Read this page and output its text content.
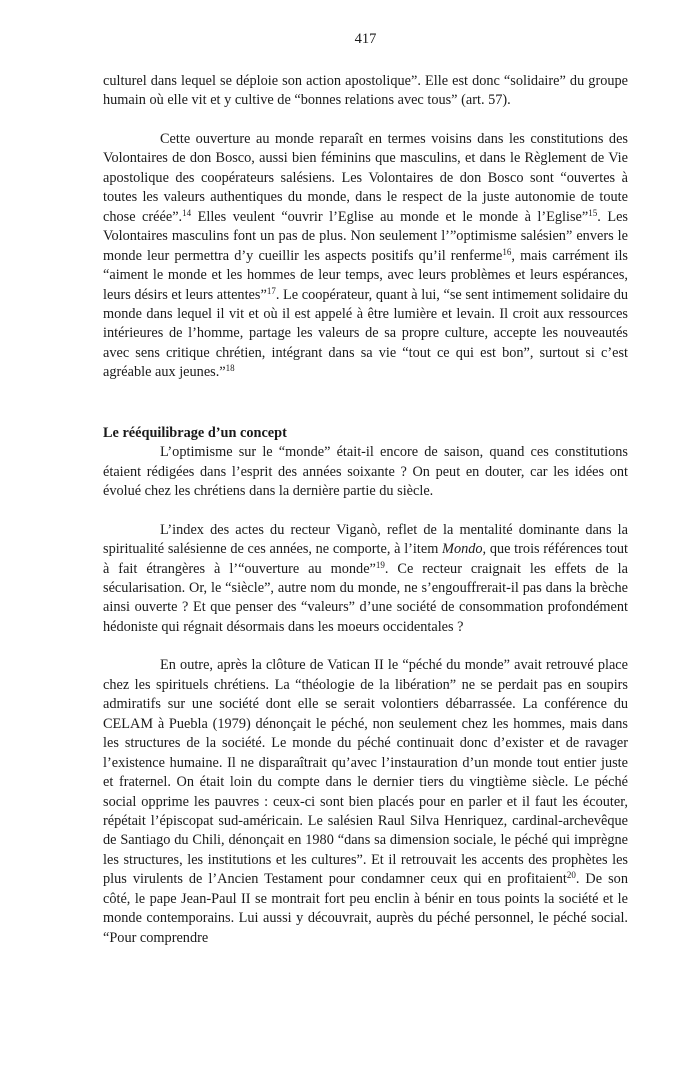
417

culturel dans lequel se déploie son action apostolique”. Elle est donc “solidaire” du groupe humain où elle vit et y cultive de “bonnes relations avec tous” (art. 57).

Cette ouverture au monde reparaît en termes voisins dans les constitutions des Volontaires de don Bosco, aussi bien féminins que masculins, et dans le Règlement de Vie apostolique des coopérateurs salésiens. Les Volontaires de don Bosco sont “ouvertes à toutes les valeurs authentiques du monde, dans le respect de la juste autonomie de toute chose créée”.$^{14}$ Elles veulent “ouvrir l’Eglise au monde et le monde à l’Eglise”$^{15}$. Les Volontaires masculins font un pas de plus. Non seulement l’”optimisme salésien” envers le monde leur permettra d’y cueillir les aspects positifs qu’il renferme$^{16}$, mais carrément ils “aiment le monde et les hommes de leur temps, avec leurs problèmes et leurs espérances, leurs désirs et leurs attentes”$^{17}$. Le coopérateur, quant à lui, “se sent intimement solidaire du monde dans lequel il vit et où il est appelé à être lumière et levain. Il croit aux ressources intérieures de l’homme, partage les valeurs de sa propre culture, accepte les nouveautés avec sens critique chrétien, intégrant dans sa vie “tout ce qui est bon”, surtout si c’est agréable aux jeunes.”$^{18}$

Le rééquilibrage d’un concept

L’optimisme sur le “monde” était-il encore de saison, quand ces constitutions étaient rédigées dans l’esprit des années soixante ? On peut en douter, car les idées ont évolué chez les chrétiens dans la dernière partie du siècle.

L’index des actes du recteur Viganò, reflet de la mentalité dominante dans la spiritualité salésienne de ces années, ne comporte, à l’item Mondo, que trois références tout à fait étrangères à l’“ouverture au monde”$^{19}$. Ce recteur craignait les effets de la sécularisation. Or, le “siècle”, autre nom du monde, ne s’engouffrerait-il pas dans la brèche ainsi ouverte ? Et que penser des “valeurs” d’une société de consommation profondément hédoniste qui régnait désormais dans les moeurs occidentales ?

En outre, après la clôture de Vatican II le “péché du monde” avait retrouvé place chez les spirituels chrétiens. La “théologie de la libération” ne se perdait pas en soupirs admiratifs sur une société dont elle se serait volontiers débarrassée. La conférence du CELAM à Puebla (1979) dénonçait le péché, non seulement chez les hommes, mais dans les structures de la société. Le monde du péché continuait donc d’exister et de ravager l’existence humaine. Il ne disparaîtrait qu’avec l’instauration d’un monde tout entier juste et fraternel. On était loin du compte dans le dernier tiers du vingtième siècle. Le péché social opprime les pauvres : ceux-ci sont bien placés pour en parler et il faut les écouter, répétait l’épiscopat sud-américain. Le salésien Raul Silva Henriquez, cardinal-archevêque de Santiago du Chili, dénonçait en 1980 “dans sa dimension sociale, le péché qui imprègne les structures, les institutions et les cultures”. Et il retrouvait les accents des prophètes les plus virulents de l’Ancien Testament pour condamner ceux qui en profitaient$^{20}$. De son côté, le pape Jean-Paul II se montrait fort peu enclin à bénir en tous points la société et le monde contemporains. Lui aussi y découvrait, auprès du péché personnel, le péché social. “Pour comprendre
